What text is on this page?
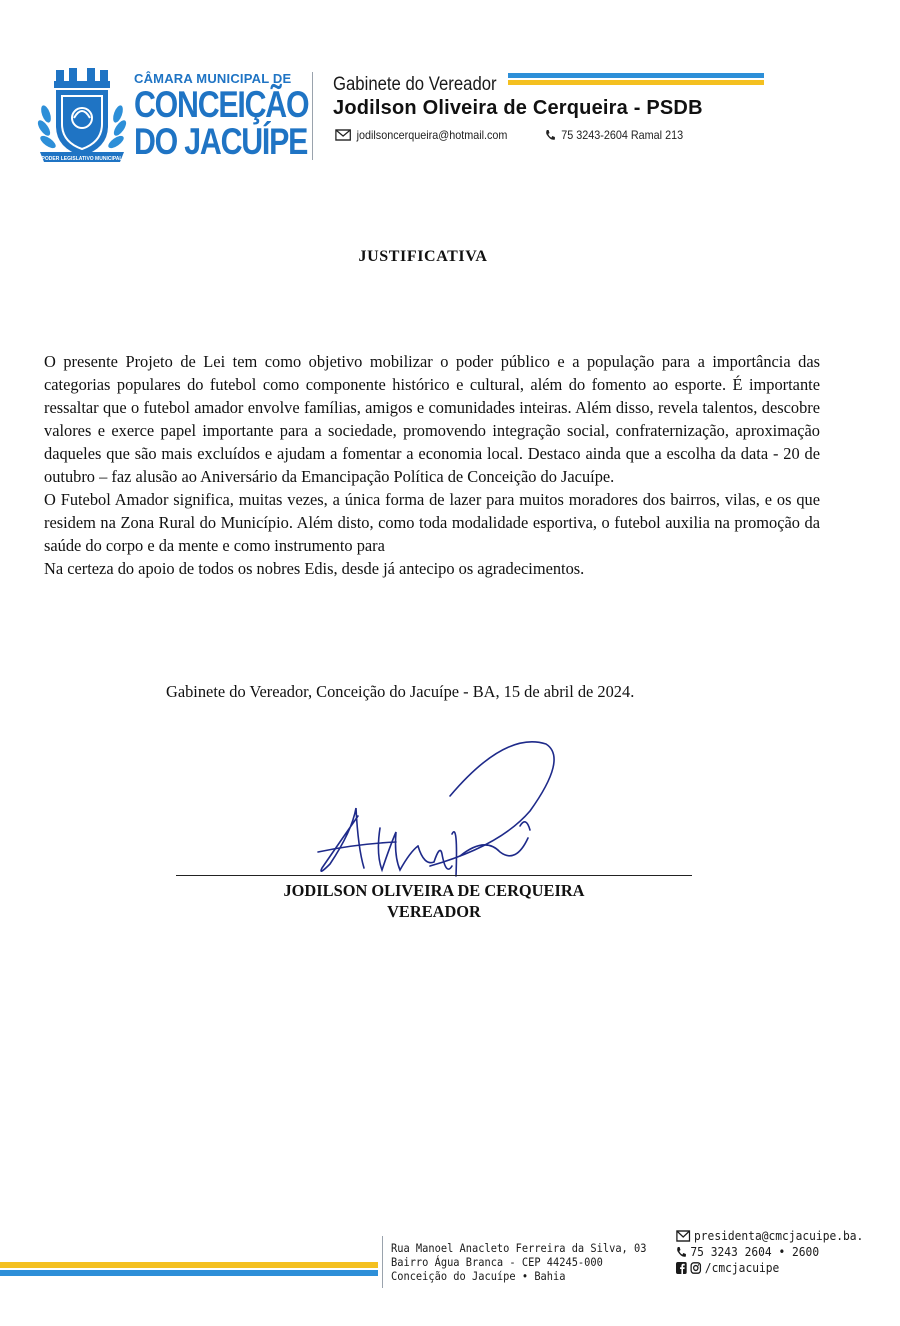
PODER LEGISLATIVO MUNICIPAL
CÂMARA MUNICIPAL DE
CONCEIÇÃO
DO JACUÍPE
Gabinete do Vereador
Jodilson Oliveira de Cerqueira - PSDB
jodilsoncerqueira@hotmail.com	75 3243-2604 Ramal 213
JUSTIFICATIVA

O presente Projeto de Lei tem como objetivo mobilizar o poder público e a população para a importância das categorias populares do futebol como componente histórico e cultural, além do fomento ao esporte. É importante ressaltar que o futebol amador envolve famílias, amigos e comunidades inteiras. Além disso, revela talentos, descobre valores e exerce papel importante para a sociedade, promovendo integração social, confraternização, aproximação daqueles que são mais excluídos e ajudam a fomentar a economia local. Destaco ainda que a escolha da data - 20 de outubro – faz alusão ao Aniversário da Emancipação Política de Conceição do Jacuípe.

O Futebol Amador significa, muitas vezes, a única forma de lazer para muitos moradores dos bairros, vilas, e os que residem na Zona Rural do Município. Além disto, como toda modalidade esportiva, o futebol auxilia na promoção da saúde do corpo e da mente e como instrumento para

Na certeza do apoio de todos os nobres Edis, desde já antecipo os agradecimentos.

Gabinete do Vereador, Conceição do Jacuípe - BA, 15 de abril de 2024.
JODILSON OLIVEIRA DE CERQUEIRA
VEREADOR
Rua Manoel Anacleto Ferreira da Silva, 03
Bairro Água Branca - CEP 44245-000
Conceição do Jacuípe • Bahia
presidenta@cmcjacuipe.ba.
75 3243 2604 • 2600
/cmcjacuipe
